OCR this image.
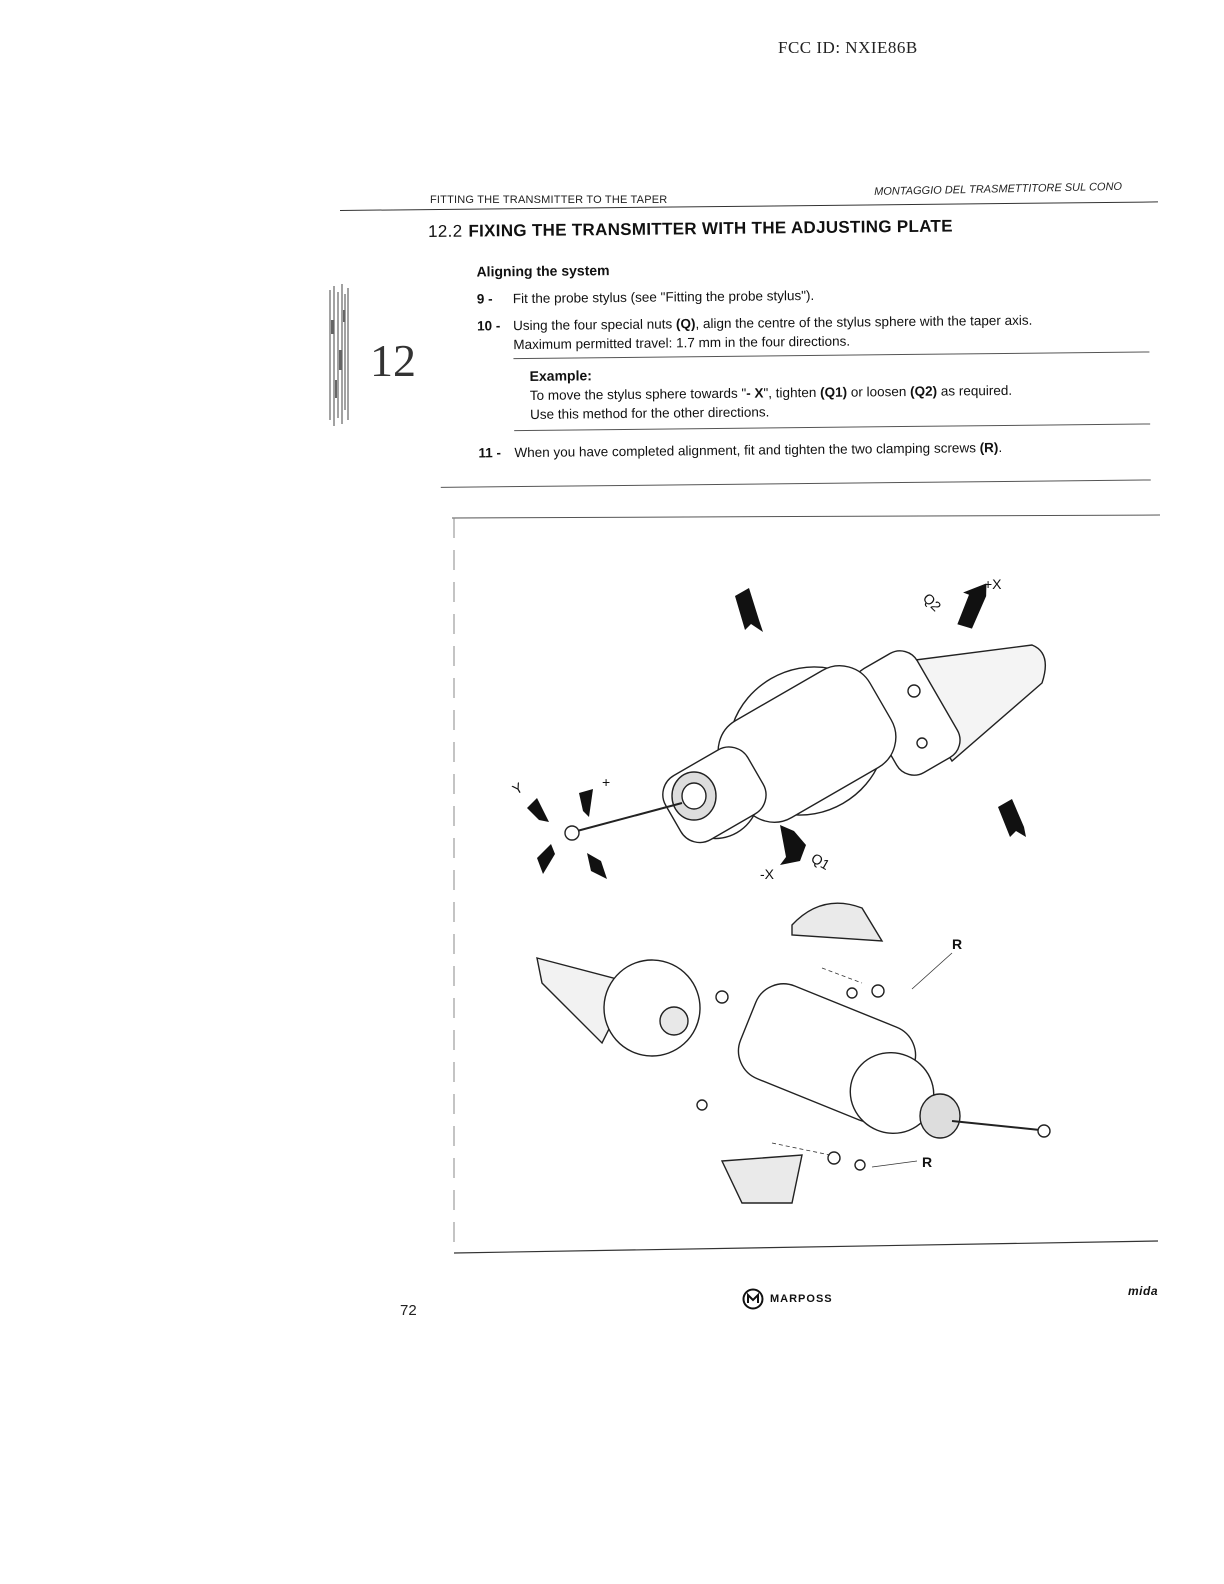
FCC ID: NXIE86B
FITTING THE TRANSMITTER TO THE TAPER
MONTAGGIO DEL TRASMETTITORE SUL CONO
12
12.2 FIXING THE TRANSMITTER WITH THE ADJUSTING PLATE
Aligning the system
9 -	Fit the probe stylus (see "Fitting the probe stylus").
10 - Using the four special nuts (Q), align the centre of the stylus sphere with the taper axis.
Maximum permitted travel: 1.7 mm in the four directions.
Example:
To move the stylus sphere towards "- X", tighten (Q1) or loosen (Q2) as required.
Use this method for the other directions.
11 - When you have completed alignment, fit and tighten the two clamping screws (R).
Q2
+X
Q1
-X
Y	+
R
R
72
MARPOSS
mida
